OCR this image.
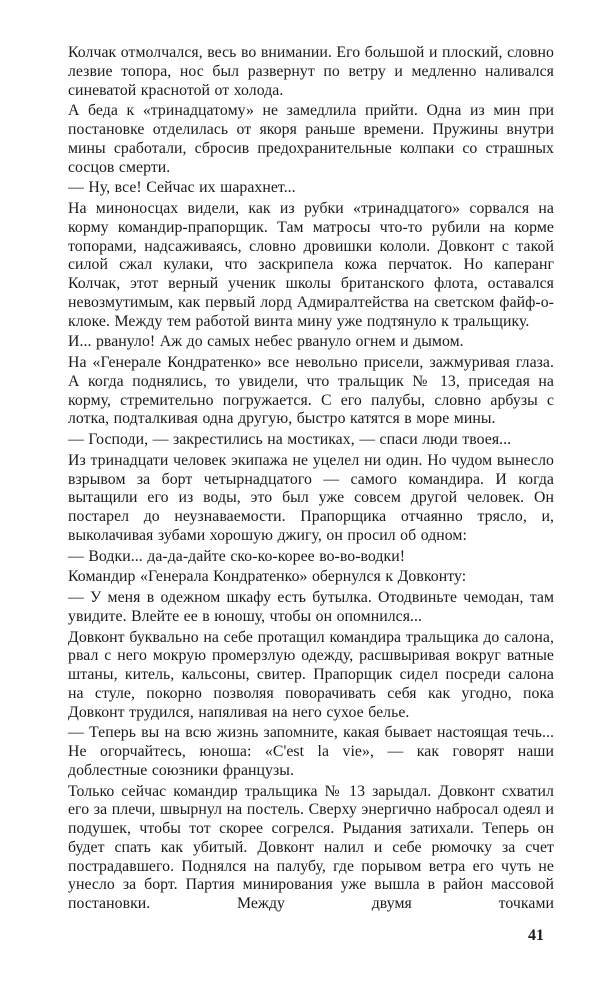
Колчак отмолчался, весь во внимании. Его большой и плоский, словно лезвие топора, нос был развернут по ветру и медленно наливался синеватой краснотой от холода.

А беда к «тринадцатому» не замедлила прийти. Одна из мин при постановке отделилась от якоря раньше времени. Пружины внутри мины сработали, сбросив предохранительные колпаки со страшных сосцов смерти.

— Ну, все! Сейчас их шарахнет...

На миноносцах видели, как из рубки «тринадцатого» сорвался на корму командир-прапорщик. Там матросы что-то рубили на корме топорами, надсаживаясь, словно дровишки кололи. Довконт с такой силой сжал кулаки, что заскрипела кожа перчаток. Но каперанг Колчак, этот верный ученик школы британского флота, оставался невозмутимым, как первый лорд Адмиралтейства на светском файф-о-клоке. Между тем работой винта мину уже подтянуло к тральщику.

И... рвануло! Аж до самых небес рвануло огнем и дымом.

На «Генерале Кондратенко» все невольно присели, зажмуривая глаза. А когда поднялись, то увидели, что тральщик № 13, приседая на корму, стремительно погружается. С его палубы, словно арбузы с лотка, подталкивая одна другую, быстро катятся в море мины.

— Господи, — закрестились на мостиках, — спаси люди твоея...

Из тринадцати человек экипажа не уцелел ни один. Но чудом вынесло взрывом за борт четырнадцатого — самого командира. И когда вытащили его из воды, это был уже совсем другой человек. Он постарел до неузнаваемости. Прапорщика отчаянно трясло, и, выколачивая зубами хорошую джигу, он просил об одном:

— Водки... да-да-дайте ско-ко-корее во-во-водки!

Командир «Генерала Кондратенко» обернулся к Довконту:

— У меня в одежном шкафу есть бутылка. Отодвиньте чемодан, там увидите. Влейте ее в юношу, чтобы он опомнился...

Довконт буквально на себе протащил командира тральщика до салона, рвал с него мокрую промерзлую одежду, расшвыривая вокруг ватные штаны, китель, кальсоны, свитер. Прапорщик сидел посреди салона на стуле, покорно позволяя поворачивать себя как угодно, пока Довконт трудился, напяливая на него сухое белье.

— Теперь вы на всю жизнь запомните, какая бывает настоящая течь... Не огорчайтесь, юноша: «C'est la vie», — как говорят наши доблестные союзники французы.

Только сейчас командир тральщика № 13 зарыдал. Довконт схватил его за плечи, швырнул на постель. Сверху энергично набросал одеял и подушек, чтобы тот скорее согрелся. Рыдания затихали. Теперь он будет спать как убитый. Довконт налил и себе рюмочку за счет пострадавшего. Поднялся на палубу, где порывом ветра его чуть не унесло за борт. Партия минирования уже вышла в район массовой постановки. Между двумя точками

41
